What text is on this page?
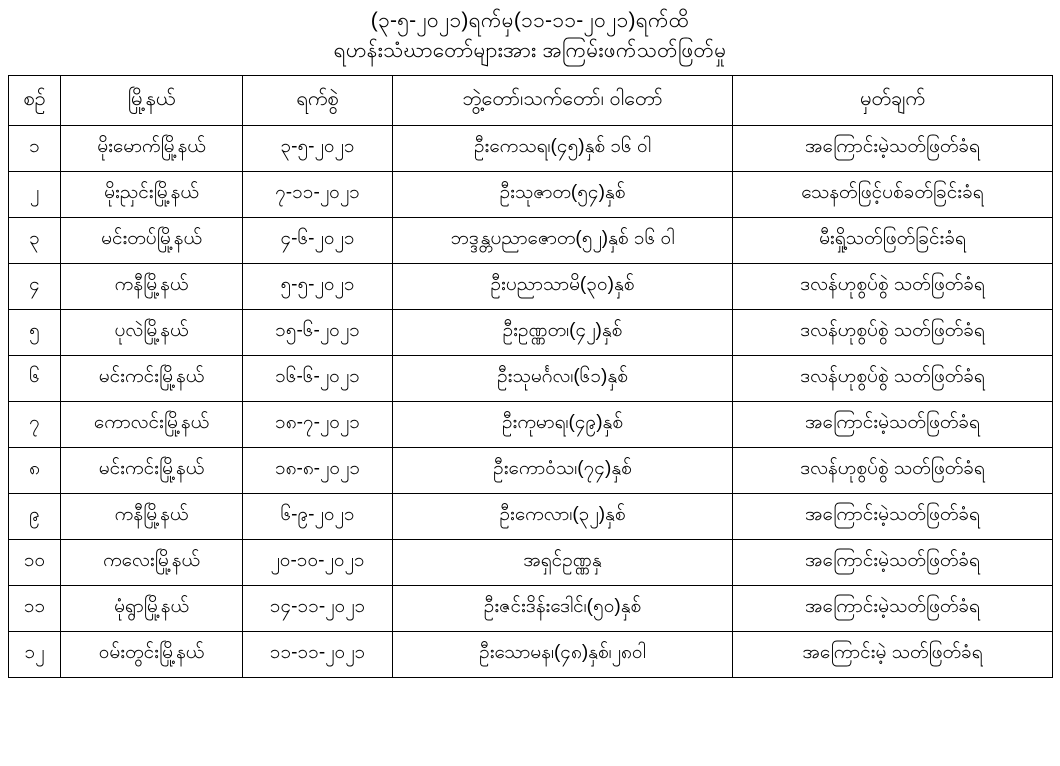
(၃-၅-၂၀၂၁)ရက်မှ(၁၁-၁၁-၂၀၂၁)ရက်ထိ
ရဟန်းသံဃာတော်များအား အကြမ်းဖက်သတ်ဖြတ်မှု
စဉ်	မြို့နယ်	ရက်စွဲ	ဘွဲ့တော်၊သက်တော်၊ ဝါတော်	မှတ်ချက်
၁	မိုးမောက်မြို့နယ်	၃-၅-၂၀၂၁	ဦးကေသရ၊(၄၅)နှစ် ၁၆ ဝါ	အကြောင်းမဲ့သတ်ဖြတ်ခံရ
၂	မိုးညှင်းမြို့နယ်	၇-၁၁-၂၀၂၁	ဦးသုဇာတ(၅၄)နှစ်	သေနတ်ဖြင့်ပစ်ခတ်ခြင်းခံရ
၃	မင်းတပ်မြို့နယ်	၄-၆-၂၀၂၁	ဘဒ္ဒန္တပညာဇောတ(၅၂)နှစ် ၁၆ ဝါ	မီးရှို့သတ်ဖြတ်ခြင်းခံရ
၄	ကနီမြို့နယ်	၅-၅-၂၀၂၁	ဦးပညာသာမိ(၃၀)နှစ်	ဒလန်ဟုစွပ်စွဲ သတ်ဖြတ်ခံရ
၅	ပုလဲမြို့နယ်	၁၅-၆-၂၀၂၁	ဦးဥဏ္ဏတ၊(၄၂)နှစ်	ဒလန်ဟုစွပ်စွဲ သတ်ဖြတ်ခံရ
၆	မင်းကင်းမြို့နယ်	၁၆-၆-၂၀၂၁	ဦးသုမင်္ဂလ၊(၆၁)နှစ်	ဒလန်ဟုစွပ်စွဲ သတ်ဖြတ်ခံရ
၇	ကောလင်းမြို့နယ်	၁၈-၇-၂၀၂၁	ဦးကုမာရ၊(၄၉)နှစ်	အကြောင်းမဲ့သတ်ဖြတ်ခံရ
၈	မင်းကင်းမြို့နယ်	၁၈-၈-၂၀၂၁	ဦးကောဝံသ၊(၇၄)နှစ်	ဒလန်ဟုစွပ်စွဲ သတ်ဖြတ်ခံရ
၉	ကနီမြို့နယ်	၆-၉-၂၀၂၁	ဦးကေလာ၊(၃၂)နှစ်	အကြောင်းမဲ့သတ်ဖြတ်ခံရ
၁၀	ကလေးမြို့နယ်	၂၀-၁၀-၂၀၂၁	အရှင်ဥဏ္ဏနှ	အကြောင်းမဲ့သတ်ဖြတ်ခံရ
၁၁	မုံရွာမြို့နယ်	၁၄-၁၁-၂၀၂၁	ဦးဇင်းဒိန်းဒေါင်၊(၅၀)နှစ်	အကြောင်းမဲ့သတ်ဖြတ်ခံရ
၁၂	ဝမ်းတွင်းမြို့နယ်	၁၁-၁၁-၂၀၂၁	ဦးသောမန၊(၄၈)နှစ်၊၂၈ဝါ	အကြောင်းမဲ့ သတ်ဖြတ်ခံရ
